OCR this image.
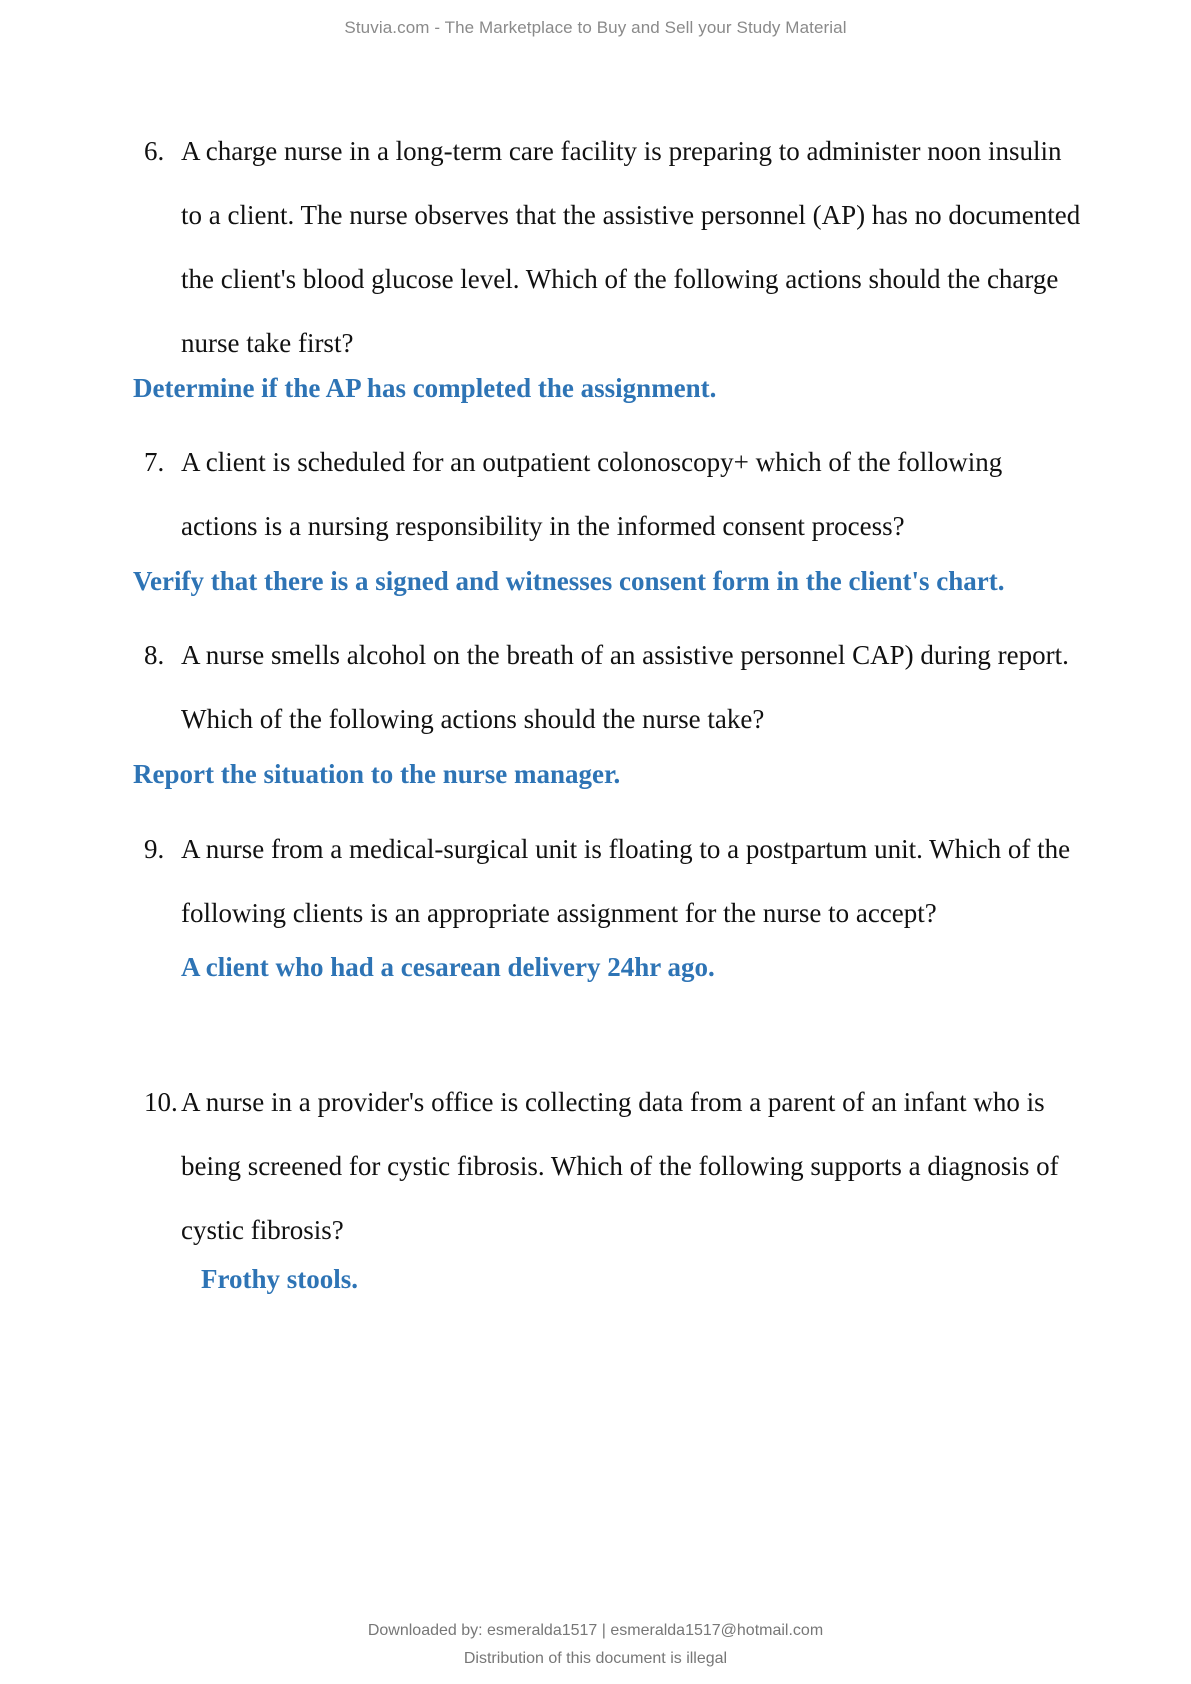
Stuvia.com - The Marketplace to Buy and Sell your Study Material
6. A charge nurse in a long-term care facility is preparing to administer noon insulin to a client. The nurse observes that the assistive personnel (AP) has no documented the client's blood glucose level. Which of the following actions should the charge nurse take first?
Determine if the AP has completed the assignment.
7. A client is scheduled for an outpatient colonoscopy+ which of the following actions is a nursing responsibility in the informed consent process?
Verify that there is a signed and witnesses consent form in the client's chart.
8. A nurse smells alcohol on the breath of an assistive personnel CAP) during report. Which of the following actions should the nurse take?
Report the situation to the nurse manager.
9. A nurse from a medical-surgical unit is floating to a postpartum unit. Which of the following clients is an appropriate assignment for the nurse to accept?
A client who had a cesarean delivery 24hr ago.
10. A nurse in a provider's office is collecting data from a parent of an infant who is being screened for cystic fibrosis. Which of the following supports a diagnosis of cystic fibrosis?
Frothy stools.
Downloaded by: esmeralda1517 | esmeralda1517@hotmail.com
Distribution of this document is illegal
